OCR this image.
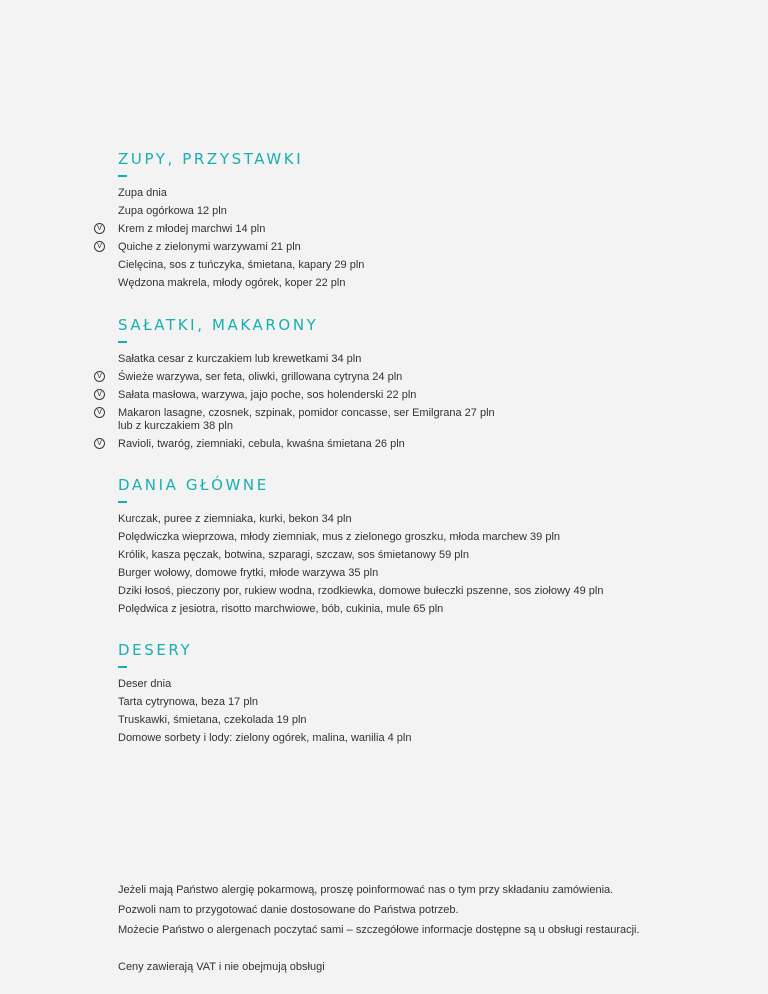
ZUPY, PRZYSTAWKI
Zupa dnia
Zupa ogórkowa 12 pln
V Krem z młodej marchwi 14 pln
V Quiche z zielonymi warzywami 21 pln
Cielęcina, sos z tuńczyka, śmietana, kapary 29 pln
Wędzona makrela, młody ogórek, koper 22 pln
SAŁATKI, MAKARONY
Sałatka cesar z kurczakiem lub krewetkami 34 pln
V Świeże warzywa, ser feta, oliwki, grillowana cytryna 24 pln
V Sałata masłowa, warzywa, jajo poche, sos holenderski 22 pln
V Makaron lasagne, czosnek, szpinak, pomidor concasse, ser Emilgrana 27 pln
lub z kurczakiem 38 pln
V Ravioli, twaróg, ziemniaki, cebula, kwaśna śmietana 26 pln
DANIA GŁÓWNE
Kurczak, puree z ziemniaka, kurki, bekon 34 pln
Polędwiczka wieprzowa, młody ziemniak, mus z zielonego groszku, młoda marchew 39 pln
Królik, kasza pęczak, botwina, szparagi, szczaw, sos śmietanowy 59 pln
Burger wołowy, domowe frytki, młode warzywa 35 pln
Dziki łosoś, pieczony por, rukiew wodna, rzodkiewka, domowe bułeczki pszenne, sos ziołowy 49 pln
Polędwica z jesiotra, risotto marchwiowe, bób, cukinia, mule 65 pln
DESERY
Deser dnia
Tarta cytrynowa, beza 17 pln
Truskawki, śmietana, czekolada 19 pln
Domowe sorbety i lody: zielony ogórek, malina, wanilia 4 pln

Jeżeli mają Państwo alergię pokarmową, proszę poinformować nas o tym przy składaniu zamówienia.

Pozwoli nam to przygotować danie dostosowane do Państwa potrzeb.

Możecie Państwo o alergenach poczytać sami – szczegółowe informacje dostępne są u obsługi restauracji.

Ceny zawierają VAT i nie obejmują obsługi
